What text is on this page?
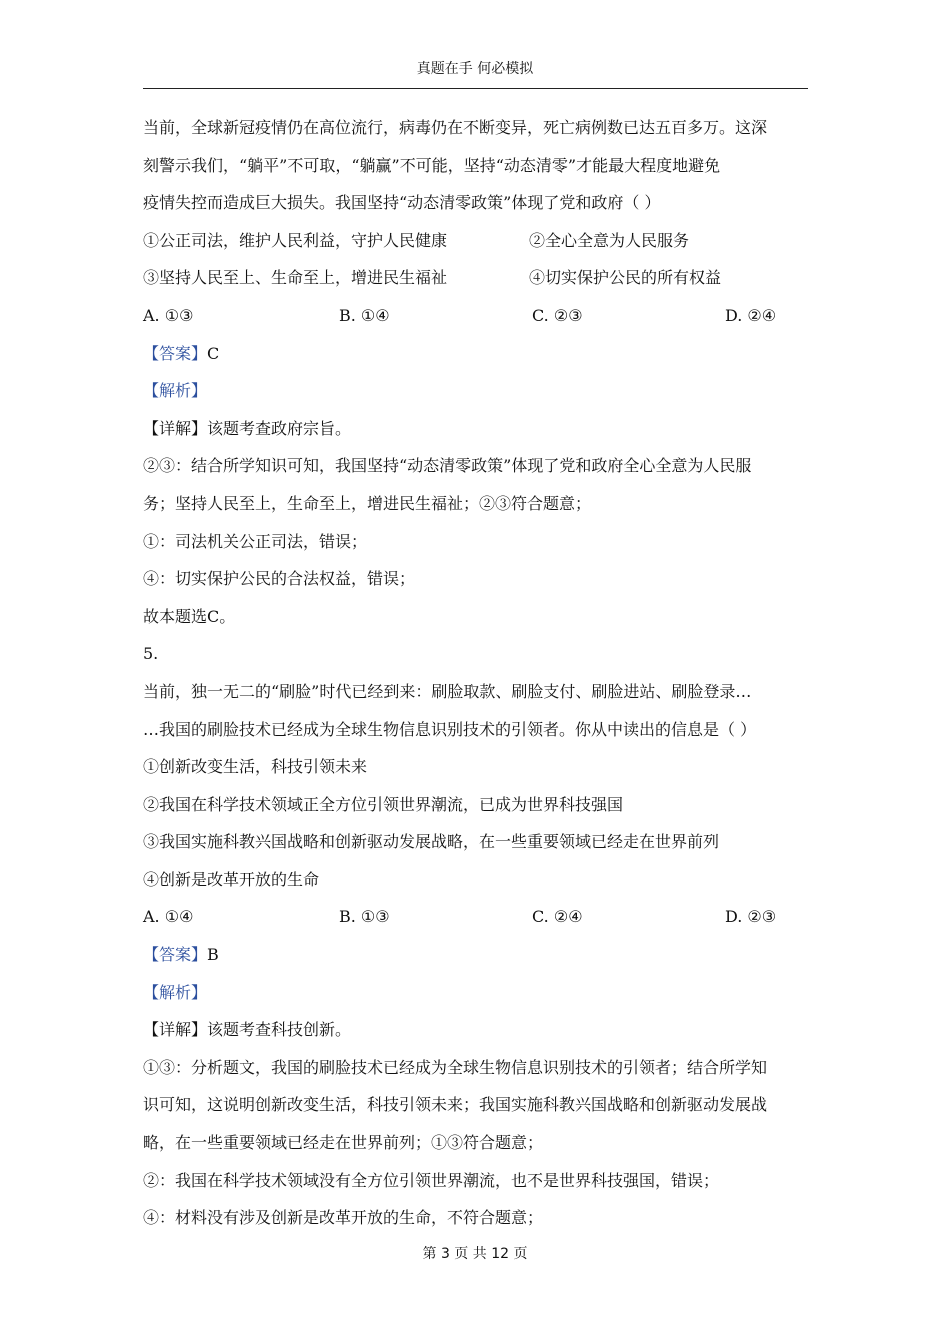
真题在手 何必模拟
当前，全球新冠疫情仍在高位流行，病毒仍在不断变异，死亡病例数已达五百多万。这深
刻警示我们，“躺平”不可取，“躺赢”不可能，坚持“动态清零”才能最大程度地避免
疫情失控而造成巨大损失。我国坚持“动态清零政策”体现了党和政府（ ）
①公正司法，维护人民利益，守护人民健康	②全心全意为人民服务
③坚持人民至上、生命至上，增进民生福祉	④切实保护公民的所有权益
A. ①③	B. ①④	C. ②③	D. ②④
【答案】C
【解析】
【详解】该题考查政府宗旨。
②③：结合所学知识可知，我国坚持“动态清零政策”体现了党和政府全心全意为人民服
务；坚持人民至上，生命至上，增进民生福祉；②③符合题意；
①：司法机关公正司法，错误；
④：切实保护公民的合法权益，错误；
故本题选C。
5.
当前，独一无二的“刷脸”时代已经到来：刷脸取款、刷脸支付、刷脸进站、刷脸登录…
…我国的刷脸技术已经成为全球生物信息识别技术的引领者。你从中读出的信息是（ ）
①创新改变生活，科技引领未来
②我国在科学技术领域正全方位引领世界潮流，已成为世界科技强国
③我国实施科教兴国战略和创新驱动发展战略，在一些重要领域已经走在世界前列
④创新是改革开放的生命
A. ①④	B. ①③	C. ②④	D. ②③
【答案】B
【解析】
【详解】该题考查科技创新。
①③：分析题文，我国的刷脸技术已经成为全球生物信息识别技术的引领者；结合所学知
识可知，这说明创新改变生活，科技引领未来；我国实施科教兴国战略和创新驱动发展战
略，在一些重要领域已经走在世界前列；①③符合题意；
②：我国在科学技术领域没有全方位引领世界潮流，也不是世界科技强国，错误；
④：材料没有涉及创新是改革开放的生命，不符合题意；
第 3 页 共 12 页
